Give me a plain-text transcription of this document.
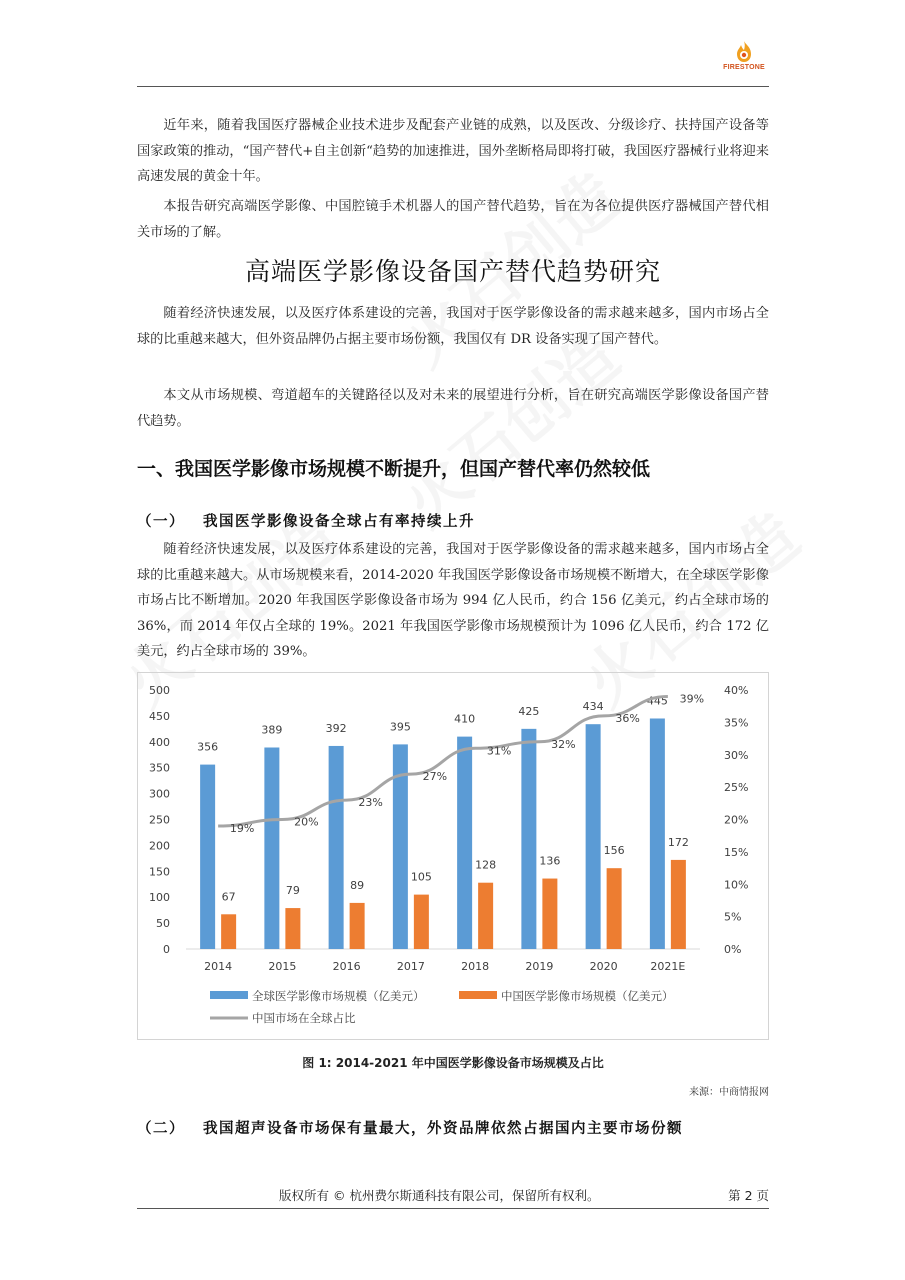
FIRESTONE
近年来，随着我国医疗器械企业技术进步及配套产业链的成熟，以及医改、分级诊疗、扶持国产设备等国家政策的推动，“国产替代+自主创新“趋势的加速推进，国外垄断格局即将打破，我国医疗器械行业将迎来高速发展的黄金十年。
本报告研究高端医学影像、中国腔镜手术机器人的国产替代趋势，旨在为各位提供医疗器械国产替代相关市场的了解。
高端医学影像设备国产替代趋势研究
随着经济快速发展，以及医疗体系建设的完善，我国对于医学影像设备的需求越来越多，国内市场占全球的比重越来越大，但外资品牌仍占据主要市场份额，我国仅有 DR 设备实现了国产替代。
本文从市场规模、弯道超车的关键路径以及对未来的展望进行分析，旨在研究高端医学影像设备国产替代趋势。
一、我国医学影像市场规模不断提升，但国产替代率仍然较低
（一） 我国医学影像设备全球占有率持续上升
随着经济快速发展，以及医疗体系建设的完善，我国对于医学影像设备的需求越来越多，国内市场占全球的比重越来越大。从市场规模来看，2014-2020 年我国医学影像设备市场规模不断增大，在全球医学影像市场占比不断增加。2020 年我国医学影像设备市场为 994 亿人民币，约合 156 亿美元，约占全球市场的 36%，而 2014 年仅占全球的 19%。2021 年我国医学影像市场规模预计为 1096 亿人民币，约合 172 亿美元，约占全球市场的 39%。
0
50
100
150
200
250
300
350
400
450
500
0%
5%
10%
15%
20%
25%
30%
35%
40%
356
67
2014
389
79
2015
392
89
2016
395
105
2017
410
128
2018
425
136
2019
434
156
2020
445
172
2021E
19%	20%
23%
27%
31%	32%
36%
39%
全球医学影像市场规模（亿美元）	中国医学影像市场规模（亿美元）
中国市场在全球占比
图 1: 2014-2021 年中国医学影像设备市场规模及占比
来源：中商情报网
（二） 我国超声设备市场保有量最大，外资品牌依然占据国内主要市场份额
版权所有 © 杭州费尔斯通科技有限公司，保留所有权利。	第 2 页
